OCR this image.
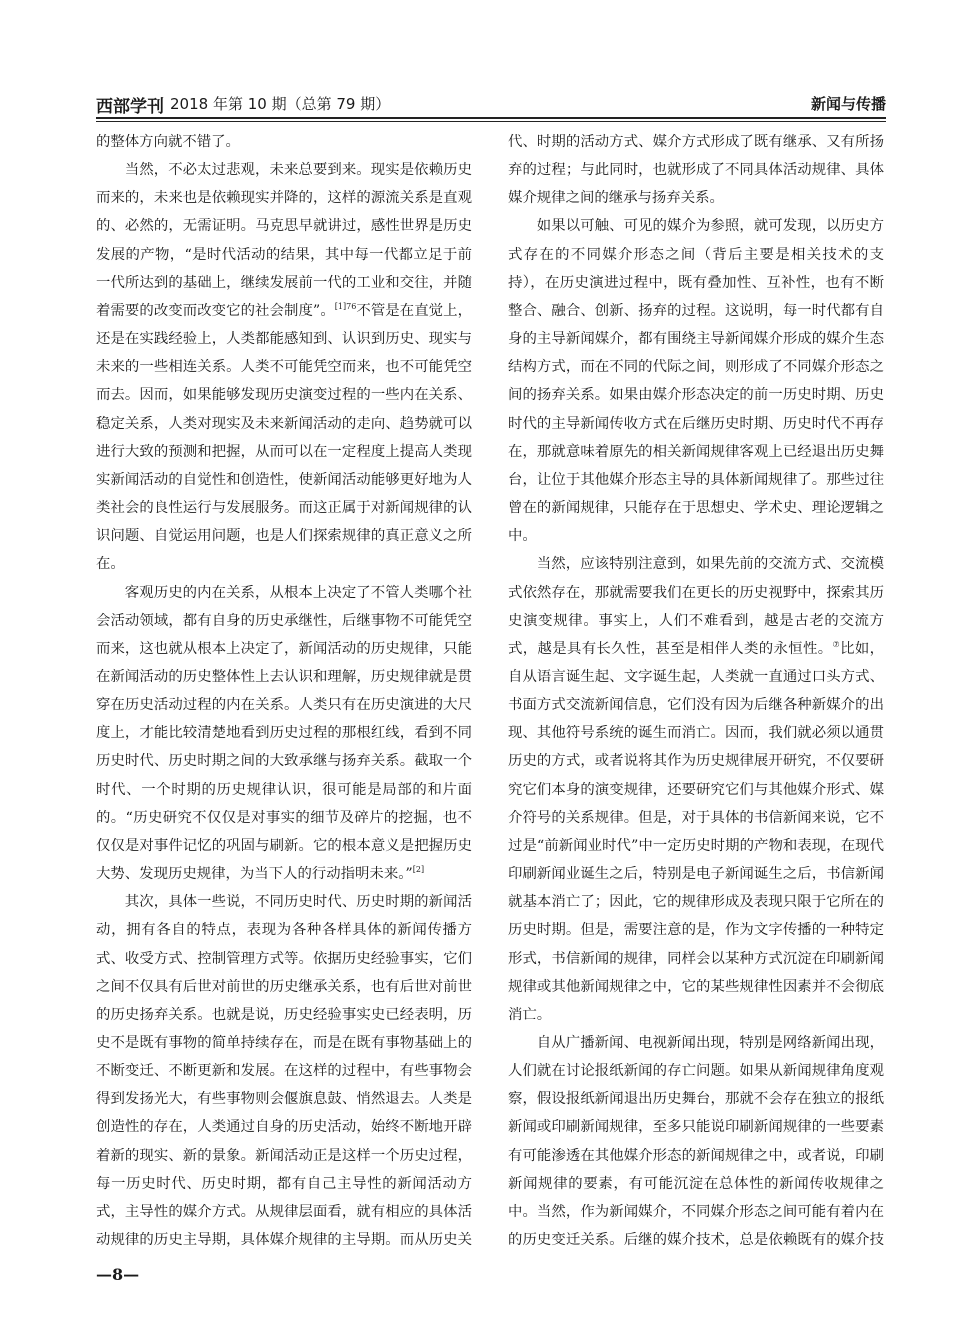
西部学刊 2018 年第 10 期（总第 79 期）	新闻与传播

的整体方向就不错了。

当然，不必太过悲观，未来总要到来。现实是依赖历史而来的，未来也是依赖现实并降的，这样的源流关系是直观的、必然的，无需证明。马克思早就讲过，感性世界是历史发展的产物，“是时代活动的结果，其中每一代都立足于前一代所达到的基础上，继续发展前一代的工业和交往，并随着需要的改变而改变它的社会制度”。$^{[1]76}$不管是在直觉上，还是在实践经验上，人类都能感知到、认识到历史、现实与未来的一些相连关系。人类不可能凭空而来，也不可能凭空而去。因而，如果能够发现历史演变过程的一些内在关系、稳定关系，人类对现实及未来新闻活动的走向、趋势就可以进行大致的预测和把握，从而可以在一定程度上提高人类现实新闻活动的自觉性和创造性，使新闻活动能够更好地为人类社会的良性运行与发展服务。而这正属于对新闻规律的认识问题、自觉运用问题，也是人们探索规律的真正意义之所在。

客观历史的内在关系，从根本上决定了不管人类哪个社会活动领域，都有自身的历史承继性，后继事物不可能凭空而来，这也就从根本上决定了，新闻活动的历史规律，只能在新闻活动的历史整体性上去认识和理解，历史规律就是贯穿在历史活动过程的内在关系。人类只有在历史演进的大尺度上，才能比较清楚地看到历史过程的那根红线，看到不同历史时代、历史时期之间的大致承继与扬弃关系。截取一个时代、一个时期的历史规律认识，很可能是局部的和片面的。“历史研究不仅仅是对事实的细节及碎片的挖掘，也不仅仅是对事件记忆的巩固与刷新。它的根本意义是把握历史大势、发现历史规律，为当下人的行动指明未来。”[2]

其次，具体一些说，不同历史时代、历史时期的新闻活动，拥有各自的特点，表现为各种各样具体的新闻传播方式、收受方式、控制管理方式等。依据历史经验事实，它们之间不仅具有后世对前世的历史继承关系，也有后世对前世的历史扬弃关系。也就是说，历史经验事实史已经表明，历史不是既有事物的简单持续存在，而是在既有事物基础上的不断变迁、不断更新和发展。在这样的过程中，有些事物会得到发扬光大，有些事物则会偃旗息鼓、悄然退去。人类是创造性的存在，人类通过自身的历史活动，始终不断地开辟着新的现实、新的景象。新闻活动正是这样一个历史过程，每一历史时代、历史时期，都有自己主导性的新闻活动方式，主导性的媒介方式。从规律层面看，就有相应的具体活动规律的历史主导期，具体媒介规律的主导期。而从历史关

代、时期的活动方式、媒介方式形成了既有继承、又有所扬弃的过程；与此同时，也就形成了不同具体活动规律、具体媒介规律之间的继承与扬弃关系。

如果以可触、可见的媒介为参照，就可发现，以历史方式存在的不同媒介形态之间（背后主要是相关技术的支持），在历史演进过程中，既有叠加性、互补性，也有不断整合、融合、创新、扬弃的过程。这说明，每一时代都有自身的主导新闻媒介，都有围绕主导新闻媒介形成的媒介生态结构方式，而在不同的代际之间，则形成了不同媒介形态之间的扬弃关系。如果由媒介形态决定的前一历史时期、历史时代的主导新闻传收方式在后继历史时期、历史时代不再存在，那就意味着原先的相关新闻规律客观上已经退出历史舞台，让位于其他媒介形态主导的具体新闻规律了。那些过往曾在的新闻规律，只能存在于思想史、学术史、理论逻辑之中。

当然，应该特别注意到，如果先前的交流方式、交流模式依然存在，那就需要我们在更长的历史视野中，探索其历史演变规律。事实上，人们不难看到，越是古老的交流方式，越是具有长久性，甚至是相伴人类的永恒性。⑦比如，自从语言诞生起、文字诞生起，人类就一直通过口头方式、书面方式交流新闻信息，它们没有因为后继各种新媒介的出现、其他符号系统的诞生而消亡。因而，我们就必须以通贯历史的方式，或者说将其作为历史规律展开研究，不仅要研究它们本身的演变规律，还要研究它们与其他媒介形式、媒介符号的关系规律。但是，对于具体的书信新闻来说，它不过是“前新闻业时代”中一定历史时期的产物和表现，在现代印刷新闻业诞生之后，特别是电子新闻诞生之后，书信新闻就基本消亡了；因此，它的规律形成及表现只限于它所在的历史时期。但是，需要注意的是，作为文字传播的一种特定形式，书信新闻的规律，同样会以某种方式沉淀在印刷新闻规律或其他新闻规律之中，它的某些规律性因素并不会彻底消亡。

自从广播新闻、电视新闻出现，特别是网络新闻出现，人们就在讨论报纸新闻的存亡问题。如果从新闻规律角度观察，假设报纸新闻退出历史舞台，那就不会存在独立的报纸新闻或印刷新闻规律，至多只能说印刷新闻规律的一些要素有可能渗透在其他媒介形态的新闻规律之中，或者说，印刷新闻规律的要素，有可能沉淀在总体性的新闻传收规律之中。当然，作为新闻媒介，不同媒介形态之间可能有着内在的历史变迁关系。后继的媒介技术，总是依赖既有的媒介技

—8—
